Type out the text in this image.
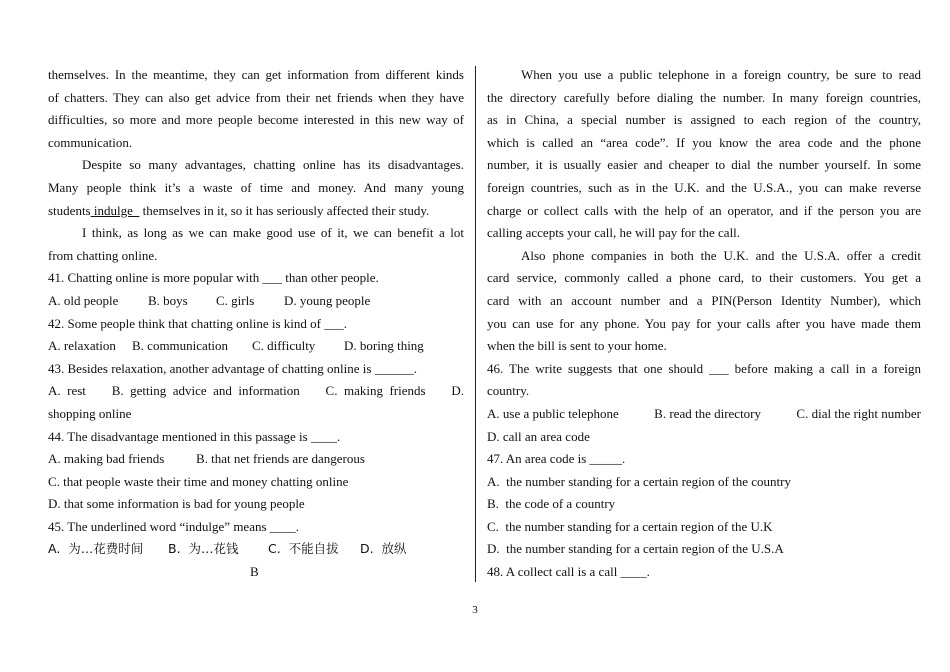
themselves. In the meantime, they can get information from different kinds
of chatters. They can also get advice from their net friends when they have
difficulties, so more and more people become interested in this new way of
communication.
Despite so many advantages, chatting online has its disadvantages.
Many people think it’s a waste of time and money. And many young
students indulge   themselves in it, so it has seriously affected their study.
I think, as long as we can make good use of it, we can benefit a lot
from chatting online.
41. Chatting online is more popular with ___ than other people.
A. old people B. boys C. girls D. young people
42. Some people think that chatting online is kind of ___.
A. relaxation B. communication C. difficulty D. boring thing
43. Besides relaxation, another advantage of chatting online is ______.
A.  rest B.  getting  advice  and  information C.  making  friends D.
shopping online
44. The disadvantage mentioned in this passage is ____.
A. making bad friends B. that net friends are dangerous
C. that people waste their time and money chatting online
D. that some information is bad for young people
45. The underlined word “indulge” means ____.
A.  为…花费时间 B.  为…花钱 C.  不能自拔 D.  放纵
B
When you use a public telephone in a foreign country, be sure to read
the directory carefully before dialing the number. In many foreign countries,
as in China, a special number is assigned to each region of the country,
which is called an “area code”. If you know the area code and the phone
number, it is usually easier and cheaper to dial the number yourself. In some
foreign countries, such as in the U.K. and the U.S.A., you can make reverse
charge or collect calls with the help of an operator, and if the person you are
calling accepts your call, he will pay for the call.
Also phone companies in both the U.K. and the U.S.A. offer a credit
card service, commonly called a phone card, to their customers. You get a
card with an account number and a PIN(Person Identity Number), which
you can use for any phone. You pay for your calls after you have made them
when the bill is sent to your home.
46. The write suggests that one should ___ before making a call in a foreign
country.
A. use a public telephone	B. read the directory	C. dial the right number
D. call an area code
47. An area code is _____.
A.  the number standing for a certain region of the country
B.  the code of a country
C.  the number standing for a certain region of the U.K
D.  the number standing for a certain region of the U.S.A
48. A collect call is a call ____.
3
